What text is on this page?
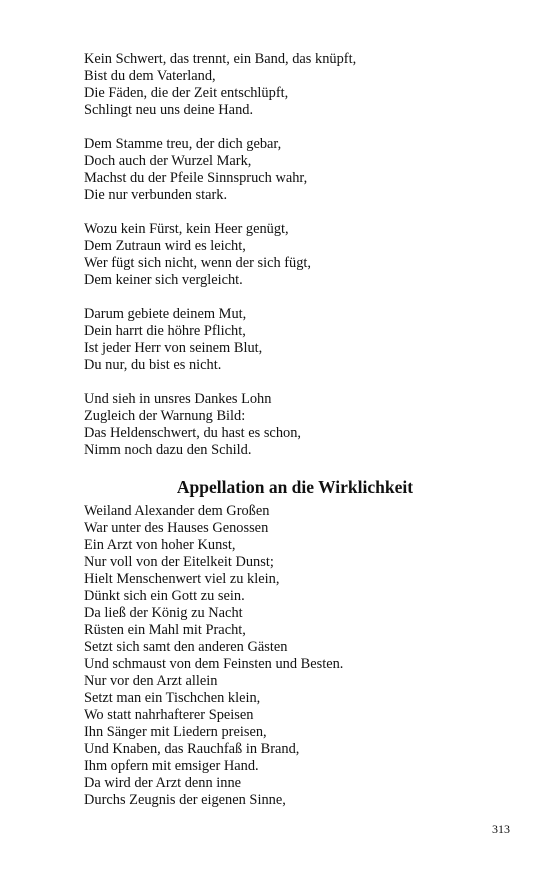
Kein Schwert, das trennt, ein Band, das knüpft,
Bist du dem Vaterland,
Die Fäden, die der Zeit entschlüpft,
Schlingt neu uns deine Hand.
Dem Stamme treu, der dich gebar,
Doch auch der Wurzel Mark,
Machst du der Pfeile Sinnspruch wahr,
Die nur verbunden stark.
Wozu kein Fürst, kein Heer genügt,
Dem Zutraun wird es leicht,
Wer fügt sich nicht, wenn der sich fügt,
Dem keiner sich vergleicht.
Darum gebiete deinem Mut,
Dein harrt die höhre Pflicht,
Ist jeder Herr von seinem Blut,
Du nur, du bist es nicht.
Und sieh in unsres Dankes Lohn
Zugleich der Warnung Bild:
Das Heldenschwert, du hast es schon,
Nimm noch dazu den Schild.
Appellation an die Wirklichkeit
Weiland Alexander dem Großen
War unter des Hauses Genossen
Ein Arzt von hoher Kunst,
Nur voll von der Eitelkeit Dunst;
Hielt Menschenwert viel zu klein,
Dünkt sich ein Gott zu sein.
Da ließ der König zu Nacht
Rüsten ein Mahl mit Pracht,
Setzt sich samt den anderen Gästen
Und schmaust von dem Feinsten und Besten.
Nur vor den Arzt allein
Setzt man ein Tischchen klein,
Wo statt nahrhafterer Speisen
Ihn Sänger mit Liedern preisen,
Und Knaben, das Rauchfaß in Brand,
Ihm opfern mit emsiger Hand.
Da wird der Arzt denn inne
Durchs Zeugnis der eigenen Sinne,
313
